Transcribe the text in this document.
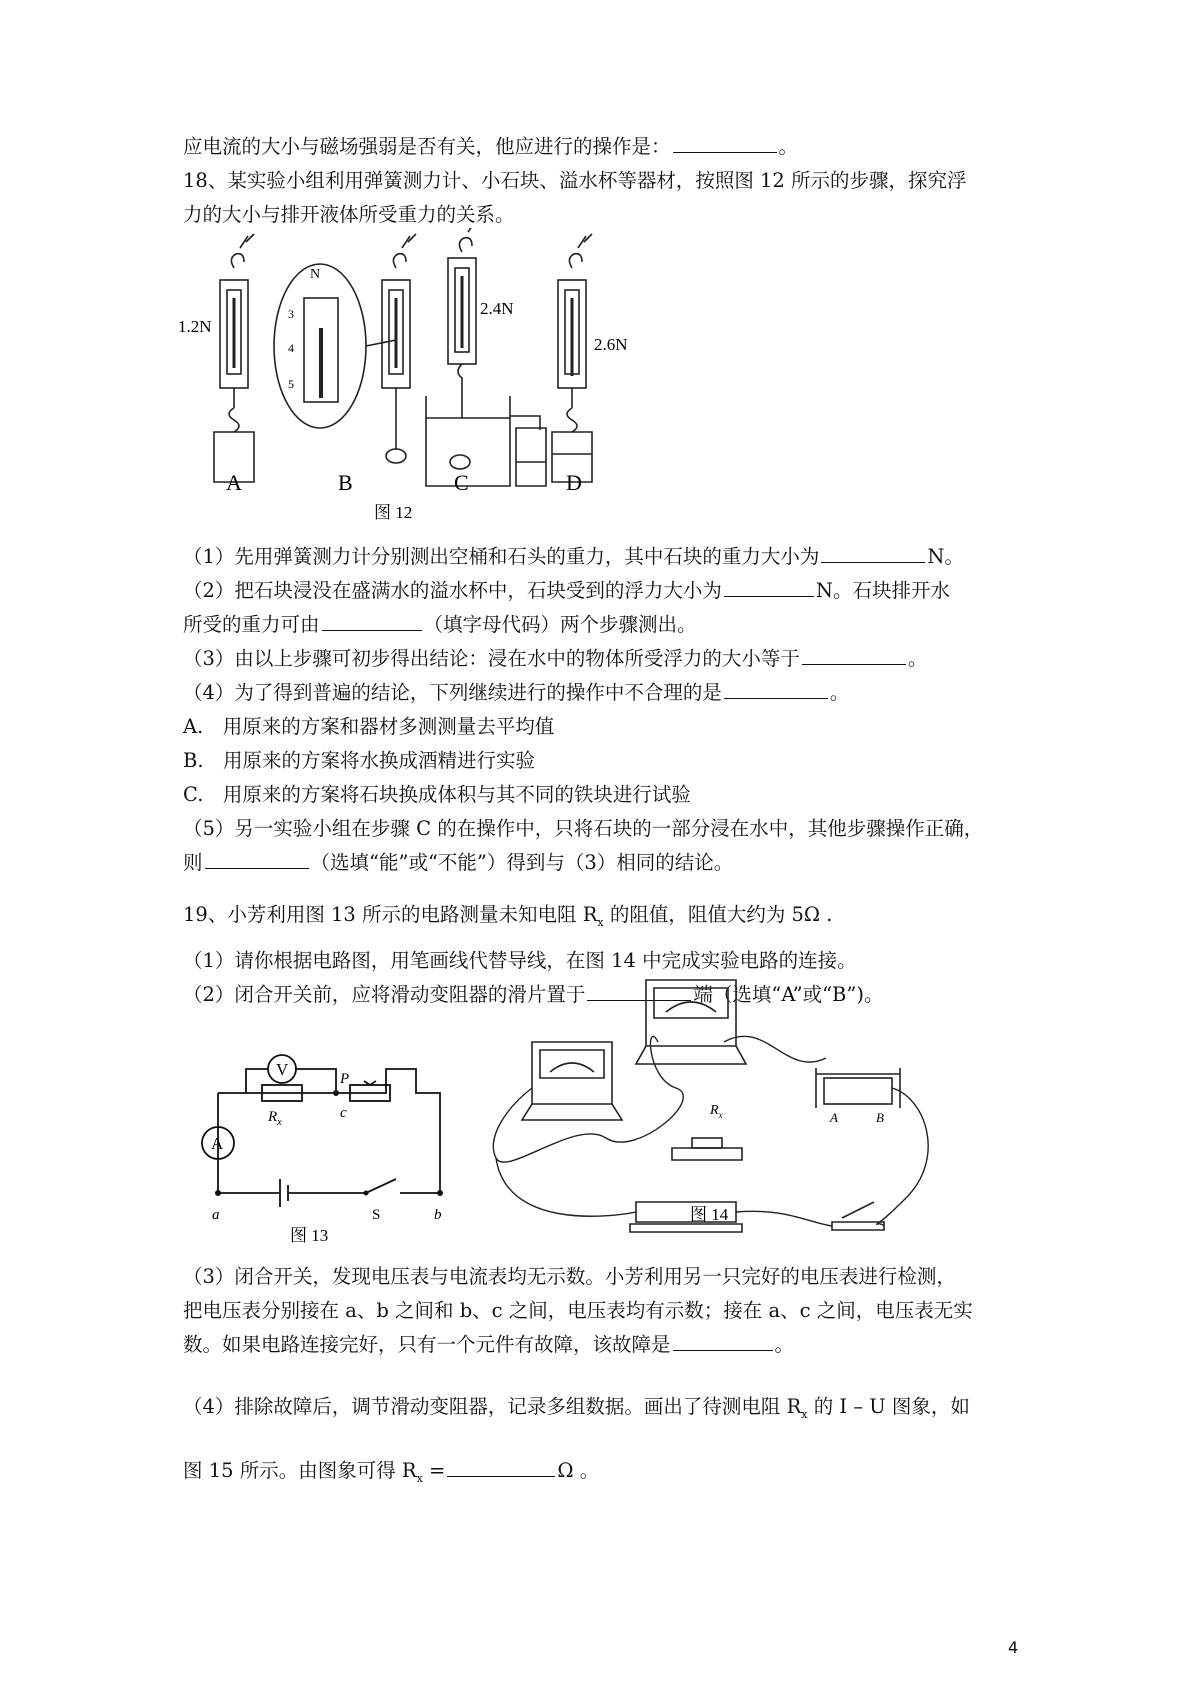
应电流的大小与磁场强弱是否有关，他应进行的操作是：	。

18、某实验小组利用弹簧测力计、小石块、溢水杯等器材，按照图 12 所示的步骤，探究浮

力的大小与排开液体所受重力的关系。

1.2N
N
3
4
5
2.4N
2.6N
A	B	C	D
图 12

（1）先用弹簧测力计分别测出空桶和石头的重力，其中石块的重力大小为	N。

（2）把石块浸没在盛满水的溢水杯中，石块受到的浮力大小为	N。石块排开水

所受的重力可由	（填字母代码）两个步骤测出。

（3）由以上步骤可初步得出结论：浸在水中的物体所受浮力的大小等于	。

（4）为了得到普遍的结论，下列继续进行的操作中不合理的是	。

A.　用原来的方案和器材多测测量去平均值

B.　用原来的方案将水换成酒精进行实验

C.　用原来的方案将石块换成体积与其不同的铁块进行试验

（5）另一实验小组在步骤 C 的在操作中，只将石块的一部分浸在水中，其他步骤操作正确，

则	（选填“能”或“不能”）得到与（3）相同的结论。

19、小芳利用图 13 所示的电路测量未知电阻 $R_x$ 的阻值，阻值大约为 5Ω .

（1）请你根据电路图，用笔画线代替导线，在图 14 中完成实验电路的连接。

（2）闭合开关前，应将滑动变阻器的滑片置于	端（选填“A”或“B”)。

V
A
$R_x$
P
c
a	b
S
图 13
$R_x$	A	B
图 14

（3）闭合开关，发现电压表与电流表均无示数。小芳利用另一只完好的电压表进行检测，

把电压表分别接在 a、b 之间和 b、c 之间，电压表均有示数；接在 a、c 之间，电压表无实

数。如果电路连接完好，只有一个元件有故障，该故障是	。

（4）排除故障后，调节滑动变阻器，记录多组数据。画出了待测电阻 $R_x$ 的 I – U 图象，如

图 15 所示。由图象可得 $R_x$ =	Ω 。

4
